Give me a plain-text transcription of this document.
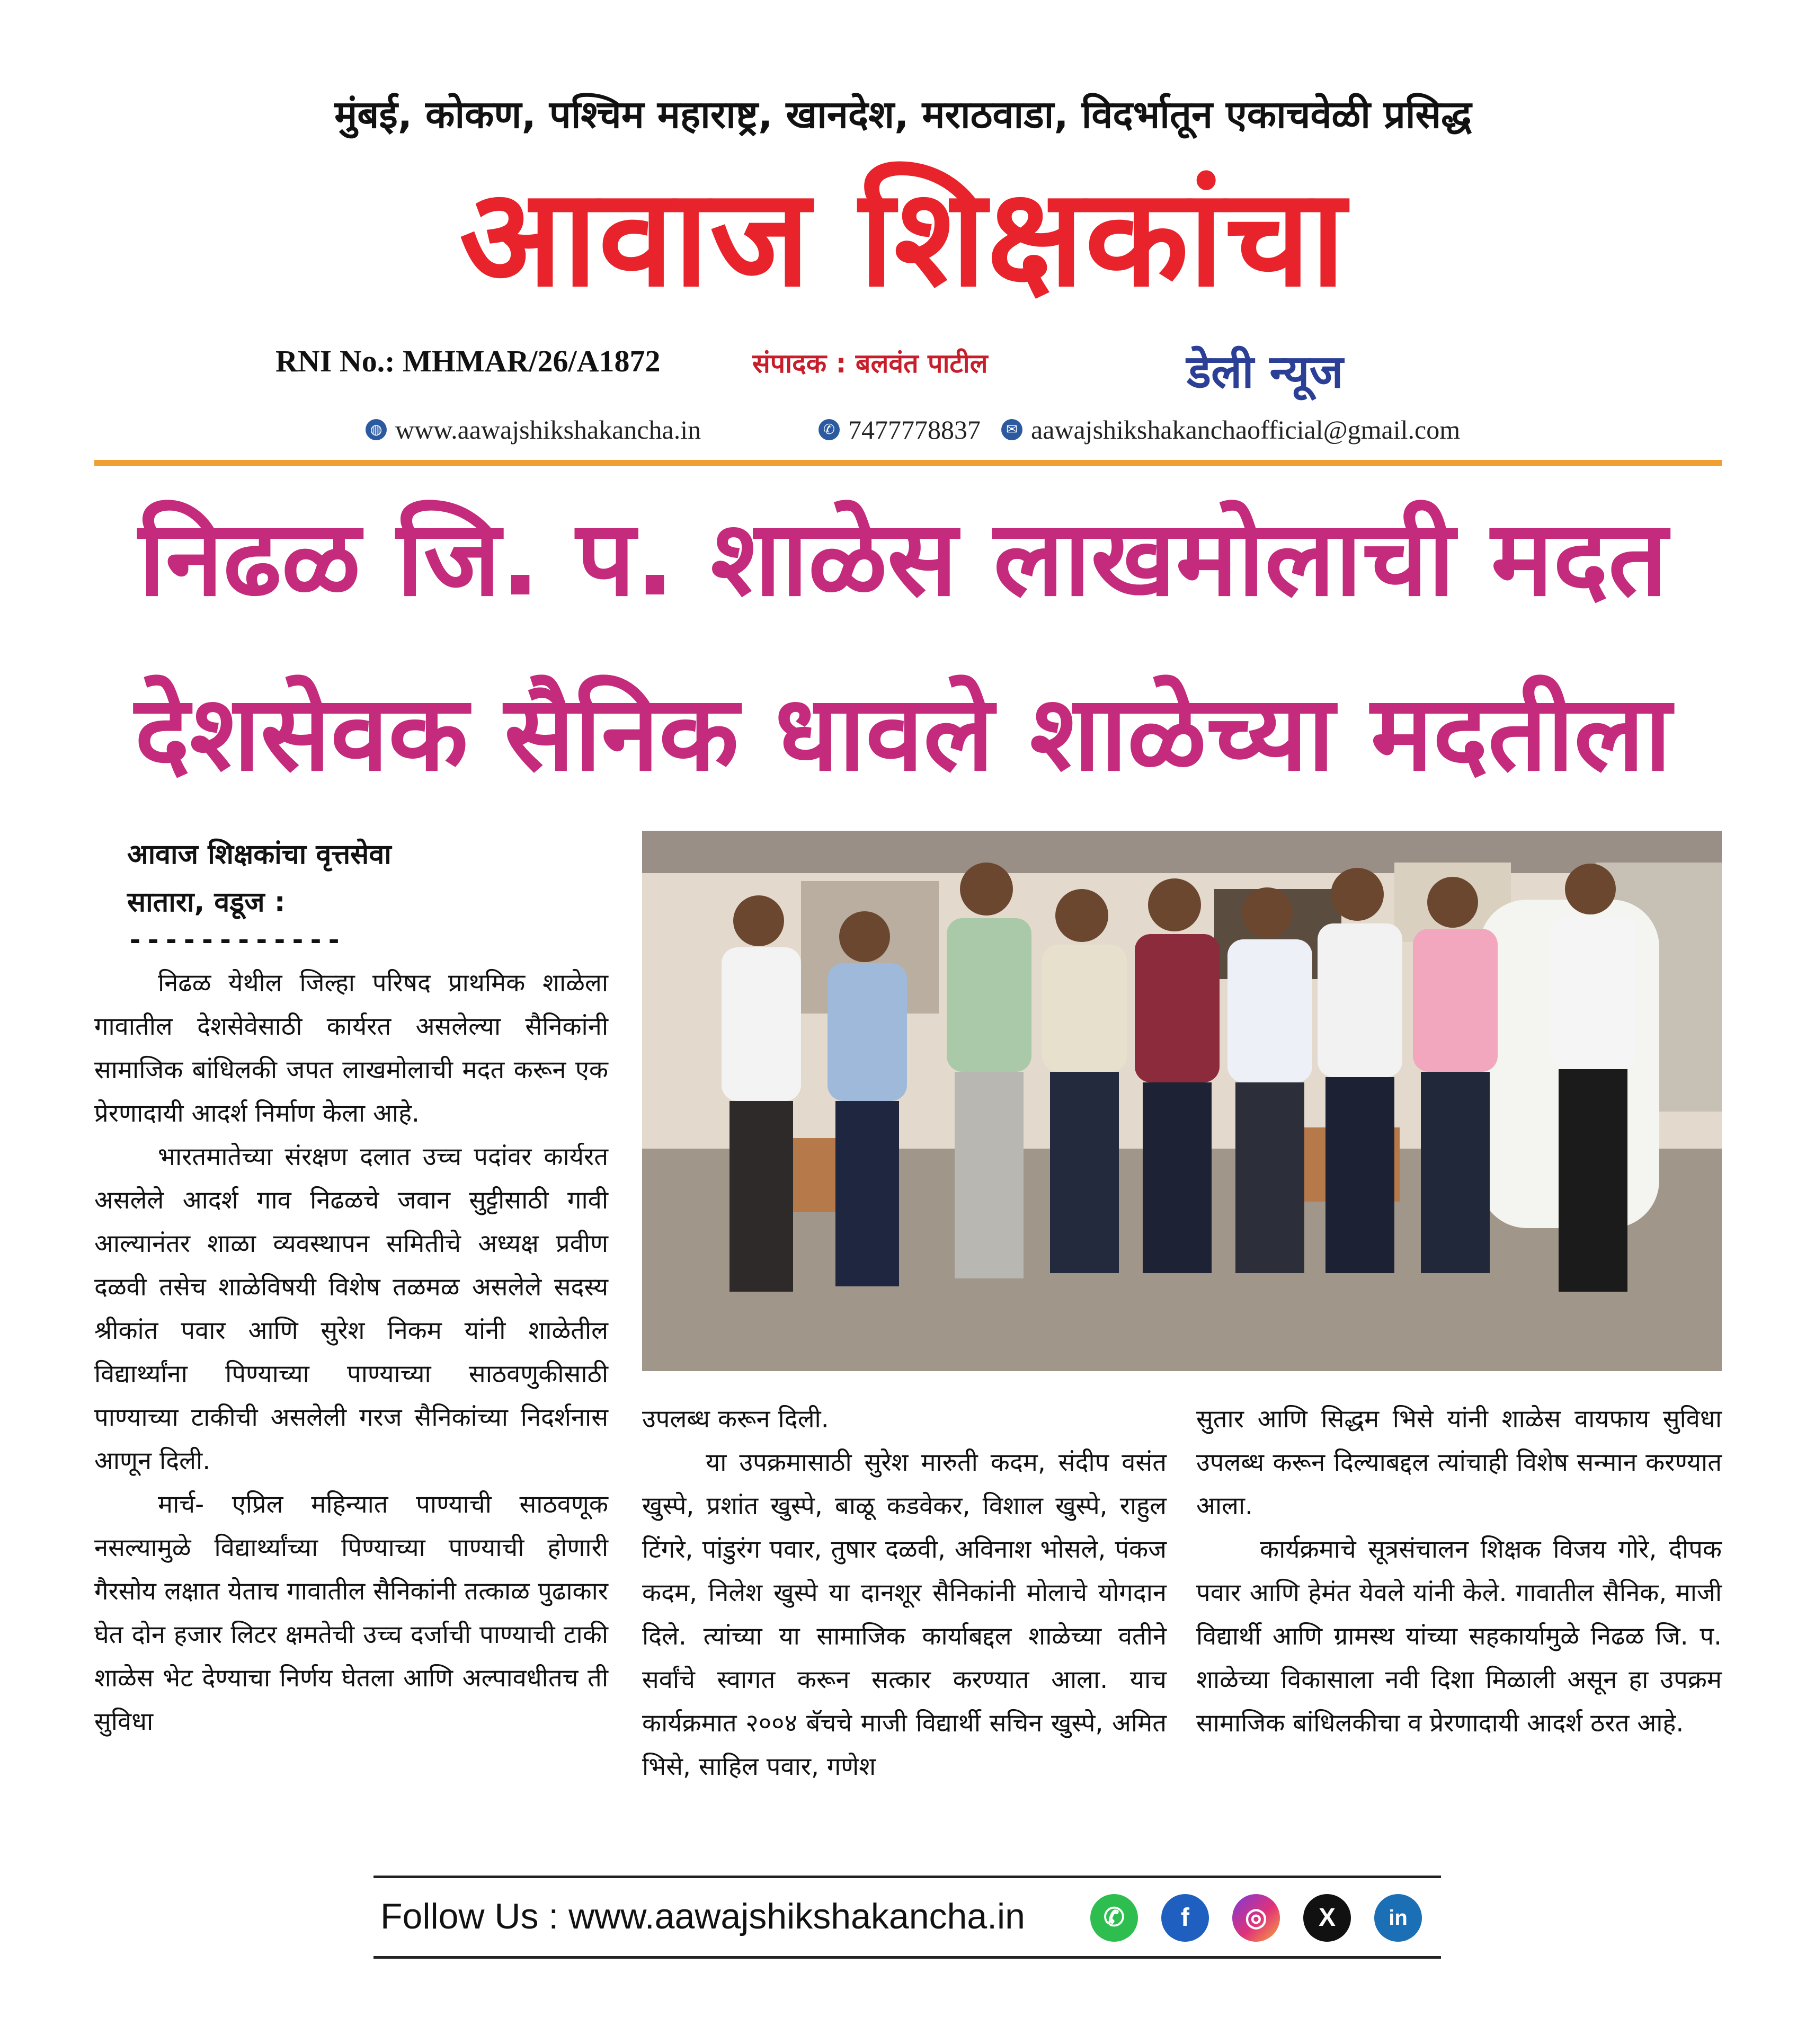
मुंबई, कोकण, पश्चिम महाराष्ट्र, खानदेश, मराठवाडा, विदर्भातून एकाचवेळी प्रसिद्ध
आवाज शिक्षकांचा
RNI No.: MHMAR/26/A1872	संपादक : बलवंत पाटील	डेली न्यूज
◍ www.aawajshikshakancha.in	✆ 7477778837	✉ aawajshikshakanchaofficial@gmail.com
निढळ जि. प. शाळेस लाखमोलाची मदत
देशसेवक सैनिक धावले शाळेच्या मदतीला
आवाज शिक्षकांचा वृत्तसेवा
सातारा, वडूज :
------------

निढळ येथील जिल्हा परिषद प्राथमिक शाळेला गावातील देशसेवेसाठी कार्यरत असलेल्या सैनिकांनी सामाजिक बांधिलकी जपत लाखमोलाची मदत करून एक प्रेरणादायी आदर्श निर्माण केला आहे.

भारतमातेच्या संरक्षण दलात उच्च पदांवर कार्यरत असलेले आदर्श गाव निढळचे जवान सुट्टीसाठी गावी आल्यानंतर शाळा व्यवस्थापन समितीचे अध्यक्ष प्रवीण दळवी तसेच शाळेविषयी विशेष तळमळ असलेले सदस्य श्रीकांत पवार आणि सुरेश निकम यांनी शाळेतील विद्यार्थ्यांना पिण्याच्या पाण्याच्या साठवणुकीसाठी पाण्याच्या टाकीची असलेली गरज सैनिकांच्या निदर्शनास आणून दिली.

मार्च- एप्रिल महिन्यात पाण्याची साठवणूक नसल्यामुळे विद्यार्थ्यांच्या पिण्याच्या पाण्याची होणारी गैरसोय लक्षात येताच गावातील सैनिकांनी तत्काळ पुढाकार घेत दोन हजार लिटर क्षमतेची उच्च दर्जाची पाण्याची टाकी शाळेस भेट देण्याचा निर्णय घेतला आणि अल्पावधीतच ती सुविधा

उपलब्ध करून दिली.

या उपक्रमासाठी सुरेश मारुती कदम, संदीप वसंत खुस्पे, प्रशांत खुस्पे, बाळू कडवेकर, विशाल खुस्पे, राहुल टिंगरे, पांडुरंग पवार, तुषार दळवी, अविनाश भोसले, पंकज कदम, निलेश खुस्पे या दानशूर सैनिकांनी मोलाचे योगदान दिले. त्यांच्या या सामाजिक कार्याबद्दल शाळेच्या वतीने सर्वांचे स्वागत करून सत्कार करण्यात आला. याच कार्यक्रमात २००४ बॅचचे माजी विद्यार्थी सचिन खुस्पे, अमित भिसे, साहिल पवार, गणेश

सुतार आणि सिद्धम भिसे यांनी शाळेस वायफाय सुविधा उपलब्ध करून दिल्याबद्दल त्यांचाही विशेष सन्मान करण्यात आला.

कार्यक्रमाचे सूत्रसंचालन शिक्षक विजय गोरे, दीपक पवार आणि हेमंत येवले यांनी केले. गावातील सैनिक, माजी विद्यार्थी आणि ग्रामस्थ यांच्या सहकार्यामुळे निढळ जि. प. शाळेच्या विकासाला नवी दिशा मिळाली असून हा उपक्रम सामाजिक बांधिलकीचा व प्रेरणादायी आदर्श ठरत आहे.

Follow Us : www.aawajshikshakancha.in	✆	f	◎	X	in
